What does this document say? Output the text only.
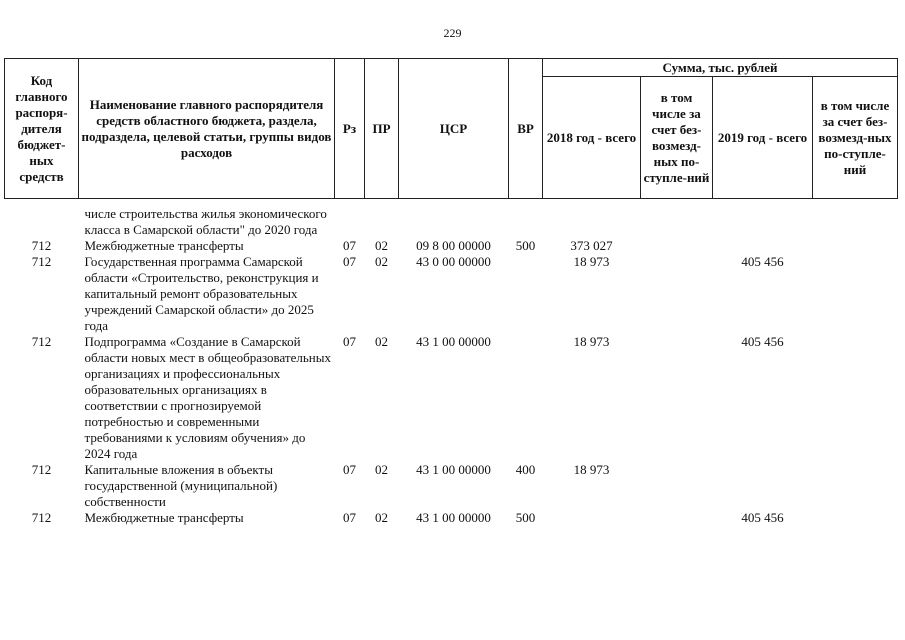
229
Код главного распоря-дителя бюджет-ных средств	Наименование главного распорядителя средств областного бюджета, раздела, подраздела, целевой статьи, группы видов расходов	Рз	ПР	ЦСР	ВР	Сумма, тыс. рублей			
						2018 год - всего	в том числе за счет без-возмезд-ных по-ступле-ний	2019 год - всего	в том числе за счет без-возмезд-ных по-ступле-ний

	числе строительства жилья экономического класса в Самарской области" до 2020 года								
712	Межбюджетные трансферты	07	02	09 8 00 00000	500	373 027			
712	Государственная программа Самарской области «Строительство, реконструкция и капитальный ремонт образовательных учреждений Самарской области» до 2025 года	07	02	43 0 00 00000		18 973		405 456	
712	Подпрограмма «Создание в Самарской области новых мест в общеобразовательных организациях и профессиональных образовательных организациях в соответствии с прогнозируемой потребностью и современными требованиями к условиям обучения» до 2024 года	07	02	43 1 00 00000		18 973		405 456	
712	Капитальные вложения в объекты государственной (муниципальной) собственности	07	02	43 1 00 00000	400	18 973			
712	Межбюджетные трансферты	07	02	43 1 00 00000	500			405 456	
